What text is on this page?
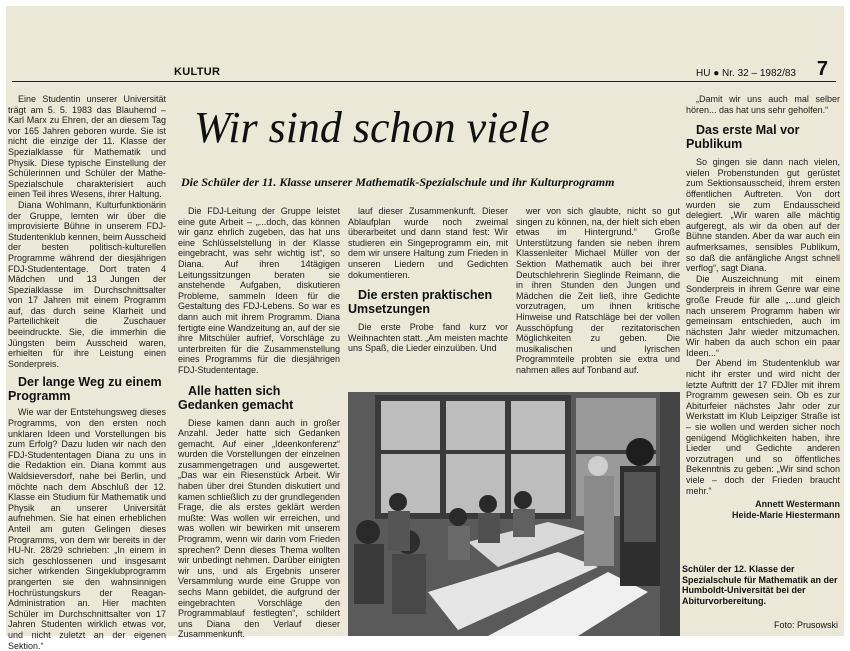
KULTUR	HU ● Nr. 32 – 1982/83 7

Eine Studentin unserer Universität trägt am 5. 5. 1983 das Blauhemd – Karl Marx zu Ehren, der an diesem Tag vor 165 Jahren geboren wurde. Sie ist nicht die einzige der 11. Klasse der Spezialklasse für Mathematik und Physik. Diese typische Einstellung der Schülerinnen und Schüler der Mathe-Spezialschule charakterisiert auch einen Teil ihres Wesens, ihrer Haltung.

Diana Wohlmann, Kulturfunktionärin der Gruppe, lernten wir über die improvisierte Bühne in unserem FDJ-Studentenklub kennen, beim Ausscheid der besten politisch-kulturellen Programme während der diesjährigen FDJ-Studententage. Dort traten 4 Mädchen und 13 Jungen der Spezialklasse im Durchschnittsalter von 17 Jahren mit einem Programm auf, das durch seine Klarheit und Parteilichkeit die Zuschauer beeindruckte. Sie, die immerhin die Jüngsten beim Ausscheid waren, erhielten für ihre Leistung einen Sonderpreis.

Der lange Weg zu einem Programm

Wie war der Entstehungsweg dieses Programms, von den ersten noch unklaren Ideen und Vorstellungen bis zum Erfolg? Dazu luden wir nach den FDJ-Studententagen Diana zu uns in die Redaktion ein. Diana kommt aus Waldsieversdorf, nahe bei Berlin, und möchte nach dem Abschluß der 12. Klasse ein Studium für Mathematik und Physik an unserer Universität aufnehmen. Sie hat einen erheblichen Anteil am guten Gelingen dieses Programms, von dem wir bereits in der HU-Nr. 28/29 schrieben: „In einem in sich geschlossenen und insgesamt sicher wirkenden Singeklubprogramm prangerten sie den wahnsinnigen Hochrüstungskurs der Reagan-Administration an. Hier machten Schüler im Durchschnittsalter von 17 Jahren Studenten wirklich etwas vor, und nicht zuletzt an der eigenen Sektion.“

Wir sind schon viele
Die Schüler der 11. Klasse unserer Mathematik-Spezialschule und ihr Kulturprogramm

Die FDJ-Leitung der Gruppe leistet eine gute Arbeit – „...doch, das können wir ganz ehrlich zugeben, das hat uns eine Schlüsselstellung in der Klasse eingebracht, was sehr wichtig ist“, so Diana. Auf ihren 14tägigen Leitungssitzungen beraten sie anstehende Aufgaben, diskutieren Probleme, sammeln Ideen für die Gestaltung des FDJ-Lebens. So war es dann auch mit ihrem Programm. Diana fertigte eine Wandzeitung an, auf der sie ihre Mitschüler aufrief, Vorschläge zu unterbreiten für die Zusammenstellung eines Programms für die diesjährigen FDJ-Studententage.

Alle hatten sich Gedanken gemacht

Diese kamen dann auch in großer Anzahl. Jeder hatte sich Gedanken gemacht. Auf einer „Ideenkonferenz“ wurden die Vorstellungen der einzelnen zusammengetragen und ausgewertet. „Das war ein Riesenstück Arbeit. Wir haben über drei Stunden diskutiert und kamen schließlich zu der grundlegenden Frage, die als erstes geklärt werden mußte: Was wollen wir erreichen, und was wollen wir bewirken mit unserem Programm, wenn wir darin vom Frieden sprechen? Denn dieses Thema wollten wir unbedingt nehmen. Darüber einigten wir uns, und als Ergebnis unserer Versammlung wurde eine Gruppe von sechs Mann gebildet, die aufgrund der eingebrachten Vorschläge den Programmablauf festlegten“, schildert uns Diana den Verlauf dieser Zusammenkunft.

lauf dieser Zusammenkunft. Dieser Ablaufplan wurde noch zweimal überarbeitet und dann stand fest: Wir studieren ein Singeprogramm ein, mit dem wir unsere Haltung zum Frieden in unseren Liedern und Gedichten dokumentieren.

Die ersten praktischen Umsetzungen

Die erste Probe fand kurz vor Weihnachten statt. „Am meisten machte uns Spaß, die Lieder einzuüben. Und

wer von sich glaubte, nicht so gut singen zu können, na, der hielt sich eben etwas im Hintergrund.“ Große Unterstützung fanden sie neben ihrem Klassenleiter Michael Müller von der Sektion Mathematik auch bei ihrer Deutschlehrerin Sieglinde Reimann, die in ihren Stunden den Jungen und Mädchen die Zeit ließ, ihre Gedichte vorzutragen, um ihnen kritische Hinweise und Ratschläge bei der vollen Ausschöpfung der rezitatorischen Möglichkeiten zu geben. Die musikalischen und lyrischen Programmteile probten sie extra und nahmen alles auf Tonband auf.

„Damit wir uns auch mal selber hören... das hat uns sehr geholfen.“

Das erste Mal vor Publikum

So gingen sie dann nach vielen, vielen Probenstunden gut gerüstet zum Sektionsausscheid, ihrem ersten öffentlichen Auftreten. Von dort wurden sie zum Endausscheid delegiert. „Wir waren alle mächtig aufgeregt, als wir da oben auf der Bühne standen. Aber da war auch ein aufmerksames, sensibles Publikum, so daß die anfängliche Angst schnell verflog“, sagt Diana.

Die Auszeichnung mit einem Sonderpreis in ihrem Genre war eine große Freude für alle „...und gleich nach unserem Programm haben wir gemeinsam entschieden, auch im nächsten Jahr wieder mitzumachen. Wir haben da auch schon ein paar Ideen...“

Der Abend im Studentenklub war nicht ihr erster und wird nicht der letzte Auftritt der 17 FDJler mit ihrem Programm gewesen sein. Ob es zur Abiturfeier nächstes Jahr oder zur Werkstatt im Klub Leipziger Straße ist – sie wollen und werden sicher noch genügend Möglichkeiten haben, ihre Lieder und Gedichte anderen vorzutragen und so öffentliches Bekenntnis zu geben: „Wir sind schon viele – doch der Frieden braucht mehr.“

Annett Westermann

Heide-Marie Hiestermann

Schüler der 12. Klasse der Spezialschule für Mathematik an der Humboldt-Universität bei der Abiturvorbereitung.
Foto: Prusowski
